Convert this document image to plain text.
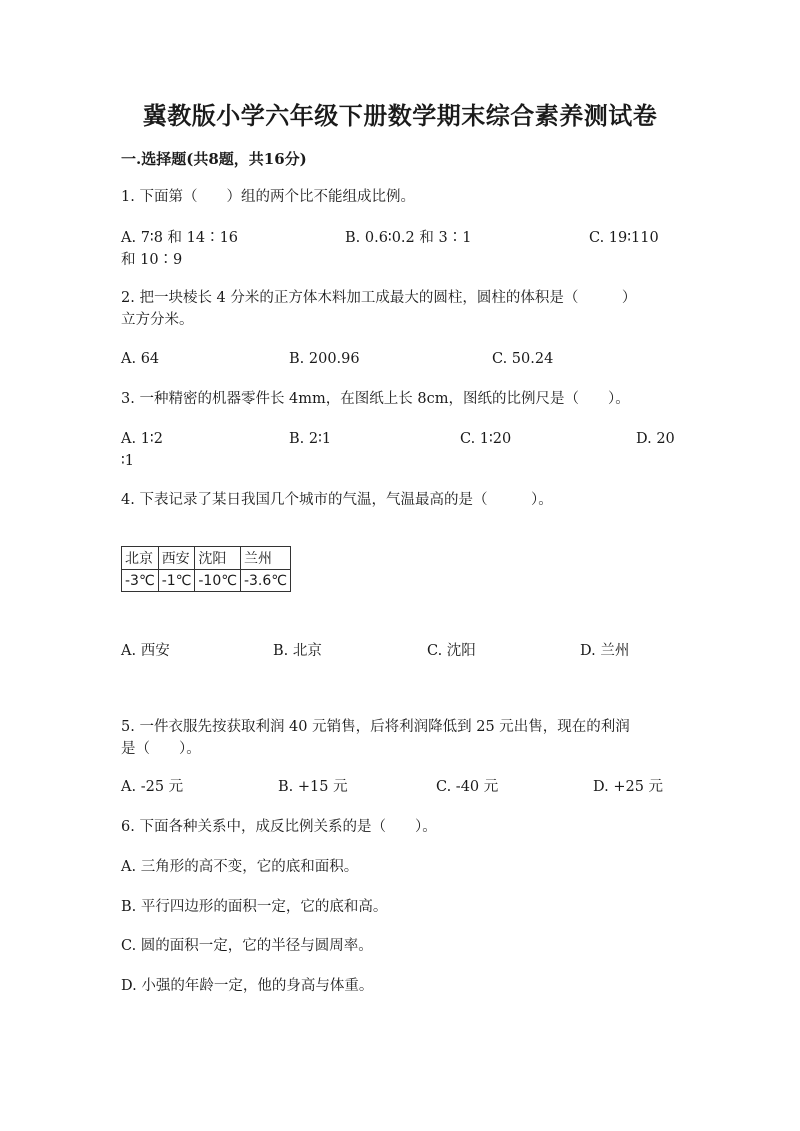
冀教版小学六年级下册数学期末综合素养测试卷
一.选择题(共8题，共16分)

1. 下面第（　　）组的两个比不能组成比例。

A. 7∶8 和 14∶16	B. 0.6∶0.2 和 3∶1	C. 19∶110

和 10∶9

2. 把一块棱长 4 分米的正方体木料加工成最大的圆柱，圆柱的体积是（　　　）

立方分米。

A. 64	B. 200.96	C. 50.24

3. 一种精密的机器零件长 4mm，在图纸上长 8cm，图纸的比例尺是（　　）。

A. 1∶2	B. 2∶1	C. 1∶20	D. 20

∶1

4. 下表记录了某日我国几个城市的气温，气温最高的是（　　　）。

北京	西安	沈阳	兰州
-3℃	-1℃	-10℃	-3.6℃

A. 西安	B. 北京	C. 沈阳	D. 兰州

5. 一件衣服先按获取利润 40 元销售，后将利润降低到 25 元出售，现在的利润

是（　　）。

A. -25 元	B. +15 元	C. -40 元	D. +25 元

6. 下面各种关系中，成反比例关系的是（　　）。

A. 三角形的高不变，它的底和面积。

B. 平行四边形的面积一定，它的底和高。

C. 圆的面积一定，它的半径与圆周率。

D. 小强的年龄一定，他的身高与体重。
